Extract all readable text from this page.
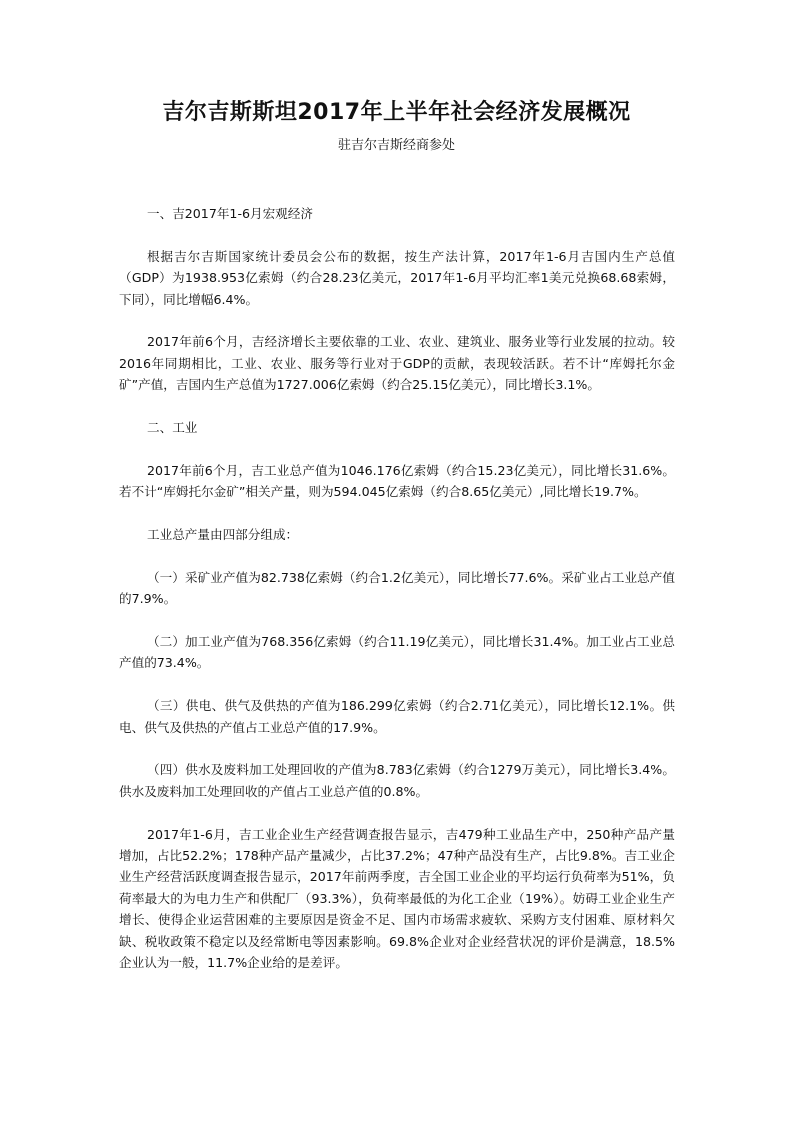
吉尔吉斯斯坦2017年上半年社会经济发展概况
驻吉尔吉斯经商参处

一、吉2017年1-6月宏观经济

根据吉尔吉斯国家统计委员会公布的数据，按生产法计算，2017年1-6月吉国内生产总值（GDP）为1938.953亿索姆（约合28.23亿美元，2017年1-6月平均汇率1美元兑换68.68索姆，下同），同比增幅6.4%。

2017年前6个月，吉经济增长主要依靠的工业、农业、建筑业、服务业等行业发展的拉动。较2016年同期相比，工业、农业、服务等行业对于GDP的贡献，表现较活跃。若不计“库姆托尔金矿”产值，吉国内生产总值为1727.006亿索姆（约合25.15亿美元），同比增长3.1%。

二、工业

2017年前6个月，吉工业总产值为1046.176亿索姆（约合15.23亿美元），同比增长31.6%。若不计“库姆托尔金矿”相关产量，则为594.045亿索姆（约合8.65亿美元）,同比增长19.7%。

工业总产量由四部分组成：

（一）采矿业产值为82.738亿索姆（约合1.2亿美元），同比增长77.6%。采矿业占工业总产值的7.9%。

（二）加工业产值为768.356亿索姆（约合11.19亿美元），同比增长31.4%。加工业占工业总产值的73.4%。

（三）供电、供气及供热的产值为186.299亿索姆（约合2.71亿美元），同比增长12.1%。供电、供气及供热的产值占工业总产值的17.9%。

（四）供水及废料加工处理回收的产值为8.783亿索姆（约合1279万美元），同比增长3.4%。供水及废料加工处理回收的产值占工业总产值的0.8%。

2017年1-6月，吉工业企业生产经营调查报告显示，吉479种工业品生产中，250种产品产量增加，占比52.2%；178种产品产量减少，占比37.2%；47种产品没有生产，占比9.8%。吉工业企业生产经营活跃度调查报告显示，2017年前两季度，吉全国工业企业的平均运行负荷率为51%，负荷率最大的为电力生产和供配厂（93.3%），负荷率最低的为化工企业（19%）。妨碍工业企业生产增长、使得企业运营困难的主要原因是资金不足、国内市场需求疲软、采购方支付困难、原材料欠缺、税收政策不稳定以及经常断电等因素影响。69.8%企业对企业经营状况的评价是满意，18.5%企业认为一般，11.7%企业给的是差评。
